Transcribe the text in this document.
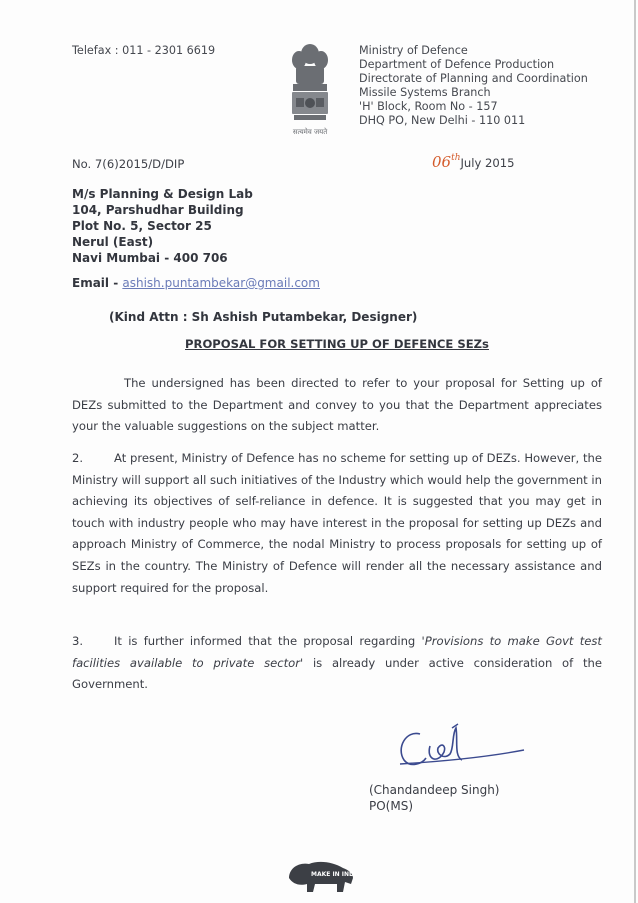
Telefax : 011 - 2301 6619
सत्यमेव जयते
Ministry of Defence
Department of Defence Production
Directorate of Planning and Coordination
Missile Systems Branch
'H' Block, Room No - 157
DHQ PO, New Delhi - 110 011
No. 7(6)2015/D/DIP	06thJuly 2015
M/s Planning & Design Lab
104, Parshudhar Building
Plot No. 5, Sector 25
Nerul (East)
Navi Mumbai - 400 706
Email - ashish.puntambekar@gmail.com
(Kind Attn : Sh Ashish Putambekar, Designer)
PROPOSAL FOR SETTING UP OF DEFENCE SEZs
The undersigned has been directed to refer to your proposal for Setting up of DEZs submitted to the Department and convey to you that the Department appreciates your the valuable suggestions on the subject matter.
2.	At present, Ministry of Defence has no scheme for setting up of DEZs. However, the Ministry will support all such initiatives of the Industry which would help the government in achieving its objectives of self-reliance in defence. It is suggested that you may get in touch with industry people who may have interest in the proposal for setting up DEZs and approach Ministry of Commerce, the nodal Ministry to process proposals for setting up of SEZs in the country. The Ministry of Defence will render all the necessary assistance and support required for the proposal.
3.	It is further informed that the proposal regarding 'Provisions to make Govt test facilities available to private sector' is already under active consideration of the Government.
(Chandandeep Singh)
PO(MS)
MAKE IN INDIA
